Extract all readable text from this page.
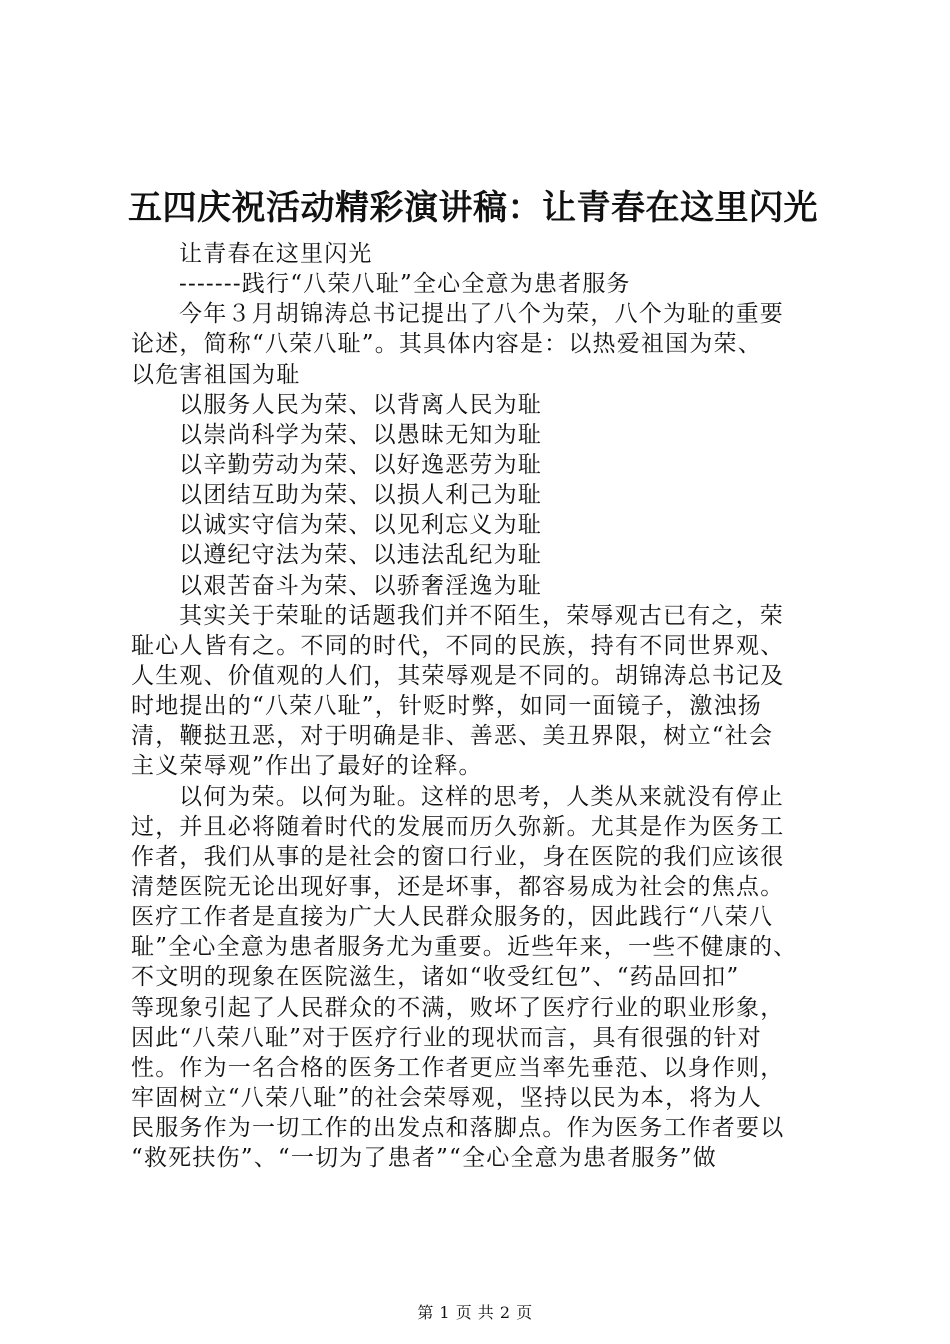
五四庆祝活动精彩演讲稿：让青春在这里闪光
让青春在这里闪光
-------践行“八荣八耻”全心全意为患者服务
今年３月胡锦涛总书记提出了八个为荣，八个为耻的重要
论述，简称“八荣八耻”。其具体内容是：以热爱祖国为荣、
以危害祖国为耻
以服务人民为荣、以背离人民为耻
以崇尚科学为荣、以愚昧无知为耻
以辛勤劳动为荣、以好逸恶劳为耻
以团结互助为荣、以损人利己为耻
以诚实守信为荣、以见利忘义为耻
以遵纪守法为荣、以违法乱纪为耻
以艰苦奋斗为荣、以骄奢淫逸为耻
其实关于荣耻的话题我们并不陌生，荣辱观古已有之，荣
耻心人皆有之。不同的时代，不同的民族，持有不同世界观、
人生观、价值观的人们，其荣辱观是不同的。胡锦涛总书记及
时地提出的“八荣八耻”，针贬时弊，如同一面镜子，激浊扬
清，鞭挞丑恶，对于明确是非、善恶、美丑界限，树立“社会
主义荣辱观”作出了最好的诠释。
以何为荣。以何为耻。这样的思考，人类从来就没有停止
过，并且必将随着时代的发展而历久弥新。尤其是作为医务工
作者，我们从事的是社会的窗口行业，身在医院的我们应该很
清楚医院无论出现好事，还是坏事，都容易成为社会的焦点。
医疗工作者是直接为广大人民群众服务的，因此践行“八荣八
耻”全心全意为患者服务尤为重要。近些年来，一些不健康的、
不文明的现象在医院滋生，诸如“收受红包”、“药品回扣”
等现象引起了人民群众的不满，败坏了医疗行业的职业形象，
因此“八荣八耻”对于医疗行业的现状而言，具有很强的针对
性。作为一名合格的医务工作者更应当率先垂范、以身作则，
牢固树立“八荣八耻”的社会荣辱观，坚持以民为本，将为人
民服务作为一切工作的出发点和落脚点。作为医务工作者要以
“救死扶伤”、“一切为了患者”“全心全意为患者服务”做
第 1 页 共 2 页
